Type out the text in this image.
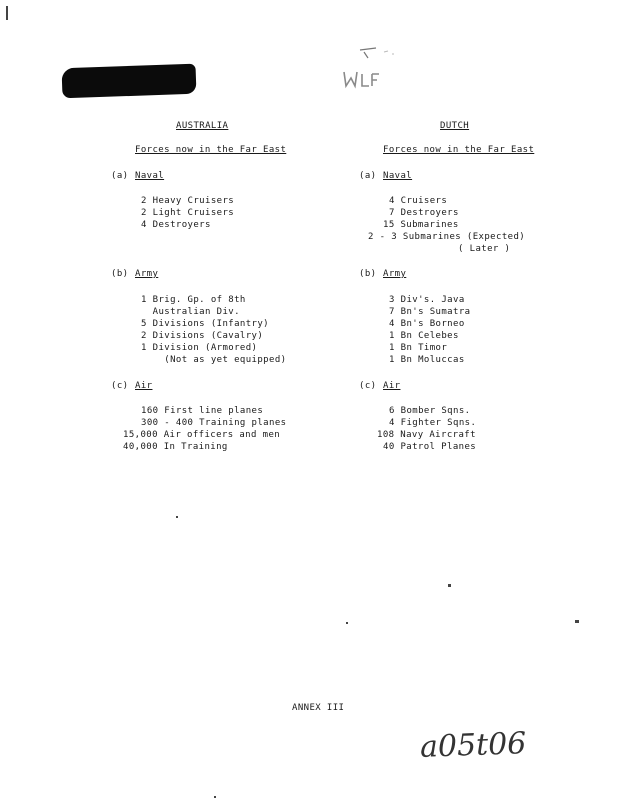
AUSTRALIA
Forces now in the Far East
(a) Naval
2 Heavy Cruisers
2 Light Cruisers
4 Destroyers
(b) Army
1 Brig. Gp. of 8th
Australian Div.
5 Divisions (Infantry)
2 Divisions (Cavalry)
1 Division (Armored)
(Not as yet equipped)
(c) Air
160 First line planes
300 - 400 Training planes
15,000 Air officers and men
40,000 In Training
DUTCH
Forces now in the Far East
(a) Naval
4 Cruisers
7 Destroyers
15 Submarines
2 - 3 Submarines (Expected)
( Later )
(b) Army
3 Div's. Java
7 Bn's Sumatra
4 Bn's Borneo
1 Bn Celebes
1 Bn Timor
1 Bn Moluccas
(c) Air
6 Bomber Sqns.
4 Fighter Sqns.
108 Navy Aircraft
40 Patrol Planes
ANNEX III
a05t06
